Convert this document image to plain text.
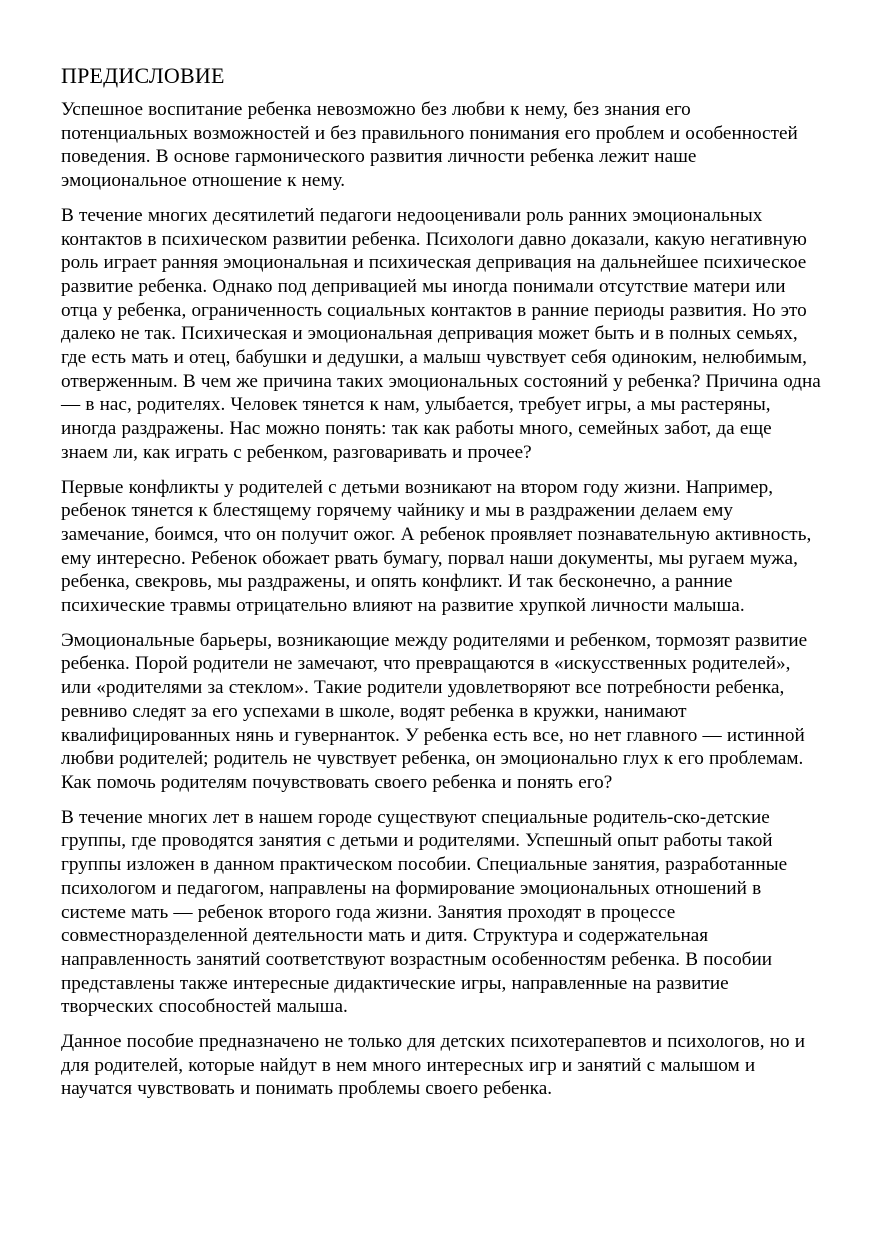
ПРЕДИСЛОВИЕ

Успешное воспитание ребенка невозможно без любви к нему, без знания его потенциальных возможностей и без правильного понимания его проблем и особенностей поведения. В основе гармонического развития личности ребенка лежит наше эмоциональное отношение к нему.

В течение многих десятилетий педагоги недооценивали роль ранних эмоциональных контактов в психическом развитии ребенка. Психологи давно доказали, какую негативную роль играет ранняя эмоциональная и психическая депривация на дальнейшее психическое развитие ребенка. Однако под депривацией мы иногда понимали отсутствие матери или отца у ребенка, ограниченность социальных контактов в ранние периоды развития. Но это далеко не так. Психическая и эмоциональная депривация может быть и в полных семьях, где есть мать и отец, бабушки и дедушки, а малыш чувствует себя одиноким, нелюбимым, отверженным. В чем же причина таких эмоциональных состояний у ребенка? Причина одна — в нас, родителях. Человек тянется к нам, улыбается, требует игры, а мы растеряны, иногда раздражены. Нас можно понять: так как работы много, семейных забот, да еще знаем ли, как играть с ребенком, разговаривать и прочее?

Первые конфликты у родителей с детьми возникают на втором году жизни. Например, ребенок тянется к блестящему горячему чайнику и мы в раздражении делаем ему замечание, боимся, что он получит ожог. А ребенок проявляет познавательную активность, ему интересно. Ребенок обожает рвать бумагу, порвал наши документы, мы ругаем мужа, ребенка, свекровь, мы раздражены, и опять конфликт. И так бесконечно, а ранние психические травмы отрицательно влияют на развитие хрупкой личности малыша.

Эмоциональные барьеры, возникающие между родителями и ребенком, тормозят развитие ребенка. Порой родители не замечают, что превращаются в «искусственных родителей», или «родителями за стеклом». Такие родители удовлетворяют все потребности ребенка, ревниво следят за его успехами в школе, водят ребенка в кружки, нанимают квалифицированных нянь и гувернанток. У ребенка есть все, но нет главного — истинной любви родителей; родитель не чувствует ребенка, он эмоционально глух к его проблемам. Как помочь родителям почувствовать своего ребенка и понять его?

В течение многих лет в нашем городе существуют специальные родитель-ско-детские группы, где проводятся занятия с детьми и родителями. Успешный опыт работы такой группы изложен в данном практическом пособии. Специальные занятия, разработанные психологом и педагогом, направлены на формирование эмоциональных отношений в системе мать — ребенок второго года жизни. Занятия проходят в процессе совместноразделенной деятельности мать и дитя. Структура и содержательная направленность занятий соответствуют возрастным особенностям ребенка. В пособии представлены также интересные дидактические игры, направленные на развитие творческих способностей малыша.

Данное пособие предназначено не только для детских психотерапевтов и психологов, но и для родителей, которые найдут в нем много интересных игр и занятий с малышом и научатся чувствовать и понимать проблемы своего ребенка.
